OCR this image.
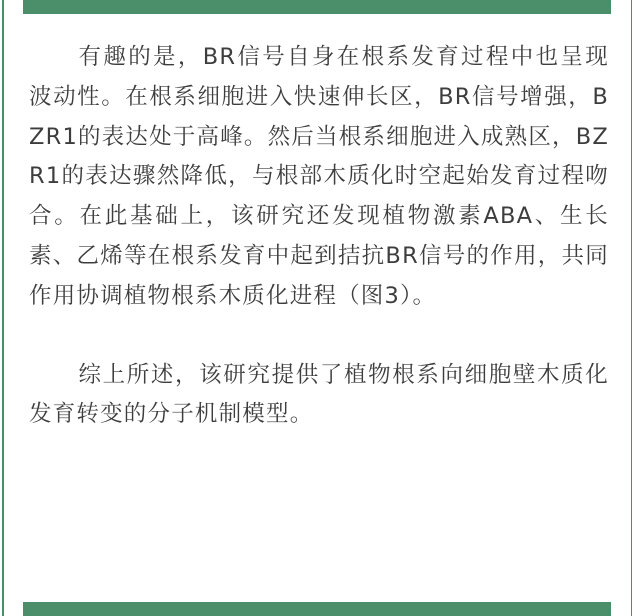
有趣的是，BR信号自身在根系发育过程中也呈现波动性。在根系细胞进入快速伸长区，BR信号增强，BZR1的表达处于高峰。然后当根系细胞进入成熟区，BZR1的表达骤然降低，与根部木质化时空起始发育过程吻合。在此基础上，该研究还发现植物激素ABA、生长素、乙烯等在根系发育中起到拮抗BR信号的作用，共同作用协调植物根系木质化进程（图3）。

综上所述，该研究提供了植物根系向细胞壁木质化发育转变的分子机制模型。
